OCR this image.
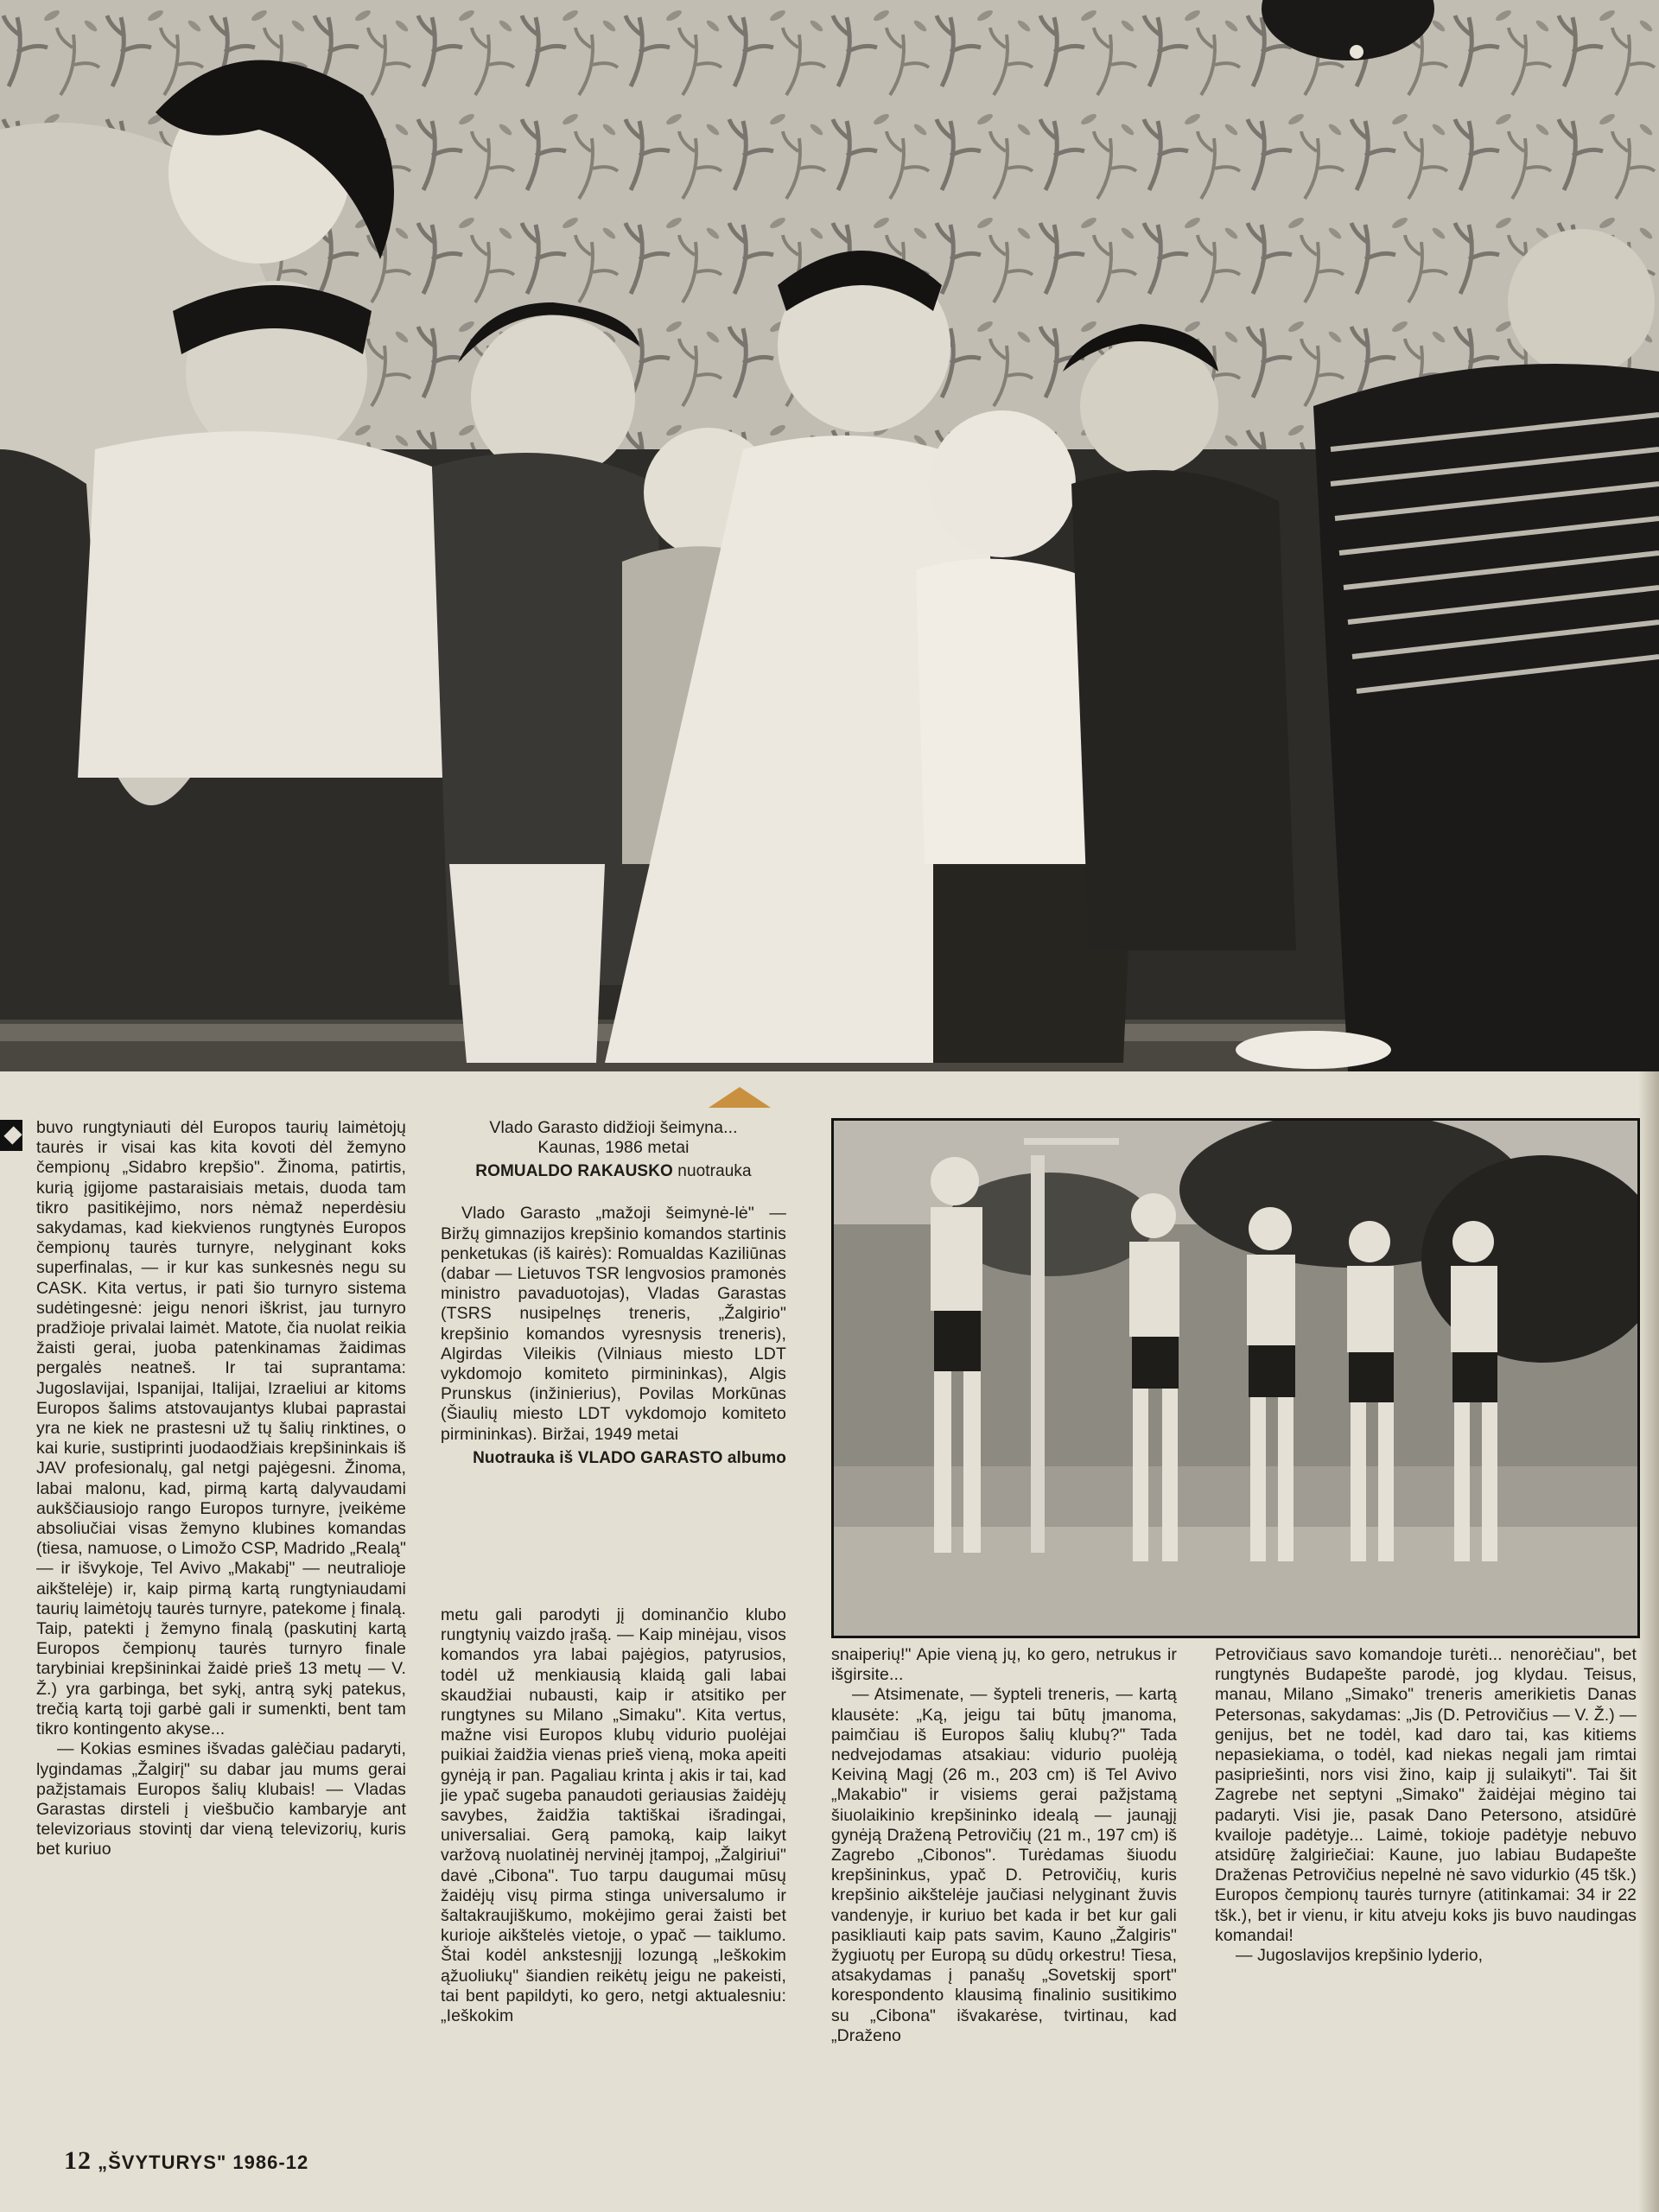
buvo rungtyniauti dėl Europos taurių laimėtojų taurės ir visai kas kita kovoti dėl žemyno čempionų „Sidabro krepšio". Žinoma, patirtis, kurią įgijome pastaraisiais metais, duoda tam tikro pasitikėjimo, nors nėmaž neperdėsiu sakydamas, kad kiekvienos rungtynės Europos čempionų taurės turnyre, nelyginant koks superfinalas, — ir kur kas sunkesnės negu su CASK. Kita vertus, ir pati šio turnyro sistema sudėtingesnė: jeigu nenori iškrist, jau turnyro pradžioje privalai laimėt. Matote, čia nuolat reikia žaisti gerai, juoba patenkinamas žaidimas pergalės neatneš. Ir tai suprantama: Jugoslavijai, Ispanijai, Italijai, Izraeliui ar kitoms Europos šalims atstovaujantys klubai paprastai yra ne kiek ne prastesni už tų šalių rinktines, o kai kurie, sustiprinti juodaodžiais krepšininkais iš JAV profesionalų, gal netgi pajėgesni. Žinoma, labai malonu, kad, pirmą kartą dalyvaudami aukščiausiojo rango Europos turnyre, įveikėme absoliučiai visas žemyno klubines komandas (tiesa, namuose, o Limožo CSP, Madrido „Realą" — ir išvykoje, Tel Avivo „Makabį" — neutralioje aikštelėje) ir, kaip pirmą kartą rungtyniaudami taurių laimėtojų taurės turnyre, patekome į finalą. Taip, patekti į žemyno finalą (paskutinį kartą Europos čempionų taurės turnyro finale tarybiniai krepšininkai žaidė prieš 13 metų — V. Ž.) yra garbinga, bet sykį, antrą sykį patekus, trečią kartą toji garbė gali ir sumenkti, bent tam tikro kontingento akyse...

— Kokias esmines išvadas galėčiau padaryti, lygindamas „Žalgirį" su dabar jau mums gerai pažįstamais Europos šalių klubais! — Vladas Garastas dirsteli į viešbučio kambaryje ant televizoriaus stovintį dar vieną televizorių, kuris bet kuriuo

Vlado Garasto didžioji šeimyna...
Kaunas, 1986 metai
ROMUALDO RAKAUSKO nuotrauka

Vlado Garasto „mažoji šeimynė-lė" — Biržų gimnazijos krepšinio komandos startinis penketukas (iš kairės): Romualdas Kaziliūnas (dabar — Lietuvos TSR lengvosios pramonės ministro pavaduotojas), Vladas Garastas (TSRS nusipelnęs treneris, „Žalgirio" krepšinio komandos vyresnysis treneris), Algirdas Vileikis (Vilniaus miesto LDT vykdomojo komiteto pirmininkas), Algis Prunskus (inžinierius), Povilas Morkūnas (Šiaulių miesto LDT vykdomojo komiteto pirmininkas). Biržai, 1949 metai

Nuotrauka iš VLADO GARASTO albumo

metu gali parodyti jį dominančio klubo rungtynių vaizdo įrašą. — Kaip minėjau, visos komandos yra labai pajėgios, patyrusios, todėl už menkiausią klaidą gali labai skaudžiai nubausti, kaip ir atsitiko per rungtynes su Milano „Simaku". Kita vertus, mažne visi Europos klubų vidurio puolėjai puikiai žaidžia vienas prieš vieną, moka apeiti gynėją ir pan. Pagaliau krinta į akis ir tai, kad jie ypač sugeba panaudoti geriausias žaidėjų savybes, žaidžia taktiškai išradingai, universaliai. Gerą pamoką, kaip laikyt varžovą nuolatinėj nervinėj įtampoj, „Žalgiriui" davė „Cibona". Tuo tarpu daugumai mūsų žaidėjų visų pirma stinga universalumo ir šaltakraujiškumo, mokėjimo gerai žaisti bet kurioje aikštelės vietoje, o ypač — taiklumo. Štai kodėl ankstesnįjį lozungą „Ieškokim ąžuoliukų" šiandien reikėtų jeigu ne pakeisti, tai bent papildyti, ko gero, netgi aktualesniu: „Ieškokim

snaiperių!" Apie vieną jų, ko gero, netrukus ir išgirsite...

— Atsimenate, — šypteli treneris, — kartą klausėte: „Ką, jeigu tai būtų įmanoma, paimčiau iš Europos šalių klubų?" Tada nedvejodamas atsakiau: vidurio puolėją Keiviną Magį (26 m., 203 cm) iš Tel Avivo „Makabio" ir visiems gerai pažįstamą šiuolaikinio krepšininko idealą — jaunąjį gynėją Draženą Petrovičių (21 m., 197 cm) iš Zagrebo „Cibonos". Turėdamas šiuodu krepšininkus, ypač D. Petrovičių, kuris krepšinio aikštelėje jaučiasi nelyginant žuvis vandenyje, ir kuriuo bet kada ir bet kur gali pasikliauti kaip pats savim, Kauno „Žalgiris" žygiuotų per Europą su dūdų orkestru! Tiesa, atsakydamas į panašų „Sovetskij sport" korespondento klausimą finalinio susitikimo su „Cibona" išvakarėse, tvirtinau, kad „Draženo

Petrovičiaus savo komandoje turėti... nenorėčiau", bet rungtynės Budapešte parodė, jog klydau. Teisus, manau, Milano „Simako" treneris amerikietis Danas Petersonas, sakydamas: „Jis (D. Petrovičius — V. Ž.) — genijus, bet ne todėl, kad daro tai, kas kitiems nepasiekiama, o todėl, kad niekas negali jam rimtai pasipriešinti, nors visi žino, kaip jį sulaikyti". Tai šit Zagrebe net septyni „Simako" žaidėjai mėgino tai padaryti. Visi jie, pasak Dano Petersono, atsidūrė kvailoje padėtyje... Laimė, tokioje padėtyje nebuvo atsidūrę žalgiriečiai: Kaune, juo labiau Budapešte Draženas Petrovičius nepelnė nė savo vidurkio (45 tšk.) Europos čempionų taurės turnyre (atitinkamai: 34 ir 22 tšk.), bet ir vienu, ir kitu atveju koks jis buvo naudingas komandai!

— Jugoslavijos krepšinio lyderio,

12 „ŠVYTURYS" 1986-12
